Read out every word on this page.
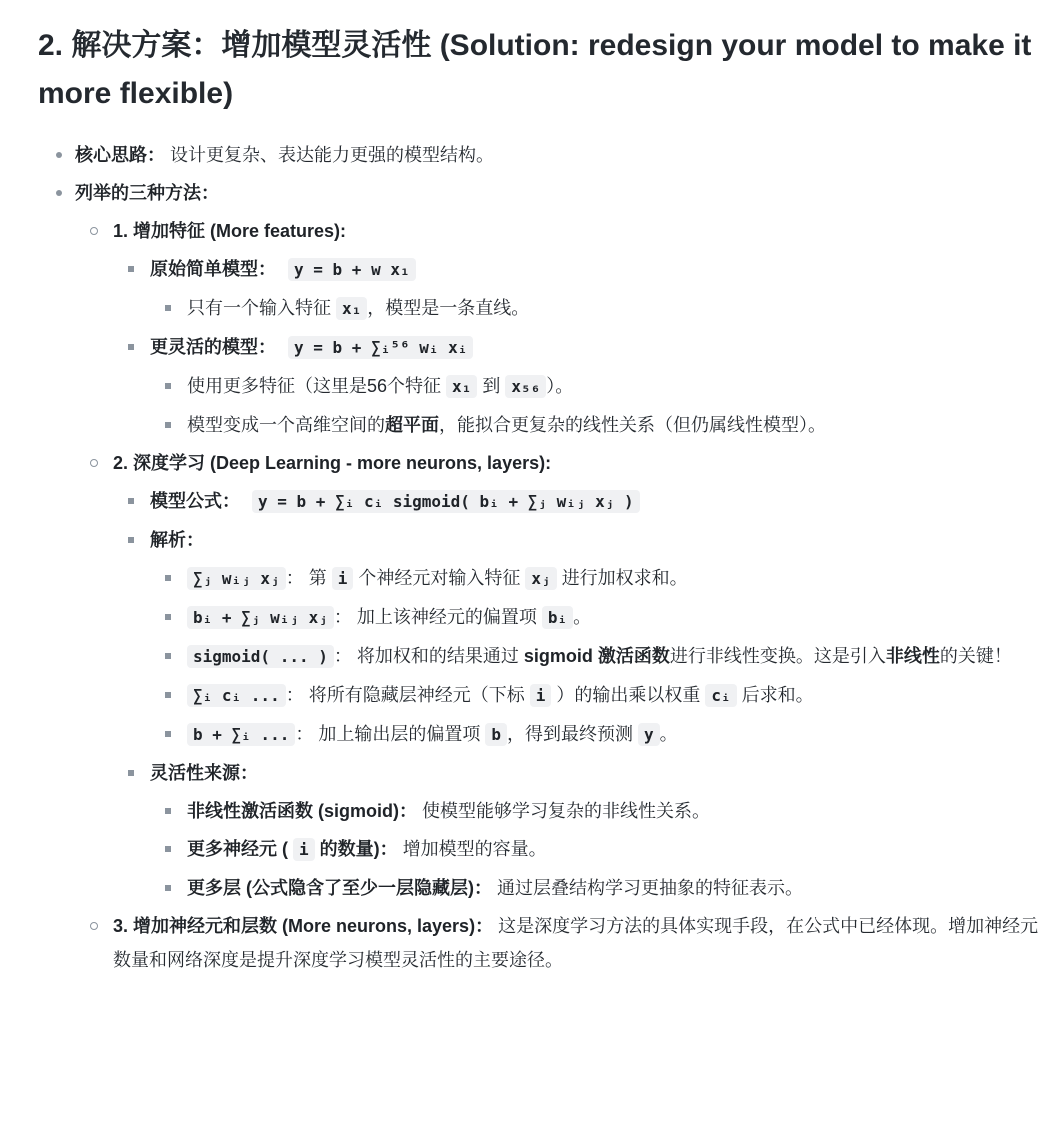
2. 解决方案：增加模型灵活性 (Solution: redesign your model to make it more flexible)
核心思路： 设计更复杂、表达能力更强的模型结构。
列举的三种方法：
1. 增加特征 (More features):
原始简单模型： y = b + w x₁
只有一个输入特征 x₁ ，模型是一条直线。
更灵活的模型： y = b + ∑ᵢ⁵⁶ wᵢ xᵢ
使用更多特征（这里是56个特征 x₁ 到 x₅₆ ）。
模型变成一个高维空间的超平面，能拟合更复杂的线性关系（但仍属线性模型）。
2. 深度学习 (Deep Learning - more neurons, layers):
模型公式： y = b + ∑ᵢ cᵢ sigmoid( bᵢ + ∑ⱼ wᵢⱼ xⱼ )
解析：
∑ⱼ wᵢⱼ xⱼ ： 第 i 个神经元对输入特征 xⱼ 进行加权求和。
bᵢ + ∑ⱼ wᵢⱼ xⱼ ： 加上该神经元的偏置项 bᵢ 。
sigmoid( ... ) ： 将加权和的结果通过 sigmoid 激活函数进行非线性变换。这是引入非线性的关键！
∑ᵢ cᵢ ... ： 将所有隐藏层神经元（下标 i ）的输出乘以权重 cᵢ 后求和。
b + ∑ᵢ ... ： 加上输出层的偏置项 b ，得到最终预测 y 。
灵活性来源：
非线性激活函数 (sigmoid)： 使模型能够学习复杂的非线性关系。
更多神经元 ( i 的数量)： 增加模型的容量。
更多层 (公式隐含了至少一层隐藏层)： 通过层叠结构学习更抽象的特征表示。
3. 增加神经元和层数 (More neurons, layers)： 这是深度学习方法的具体实现手段，在公式中已经体现。增加神经元数量和网络深度是提升深度学习模型灵活性的主要途径。
